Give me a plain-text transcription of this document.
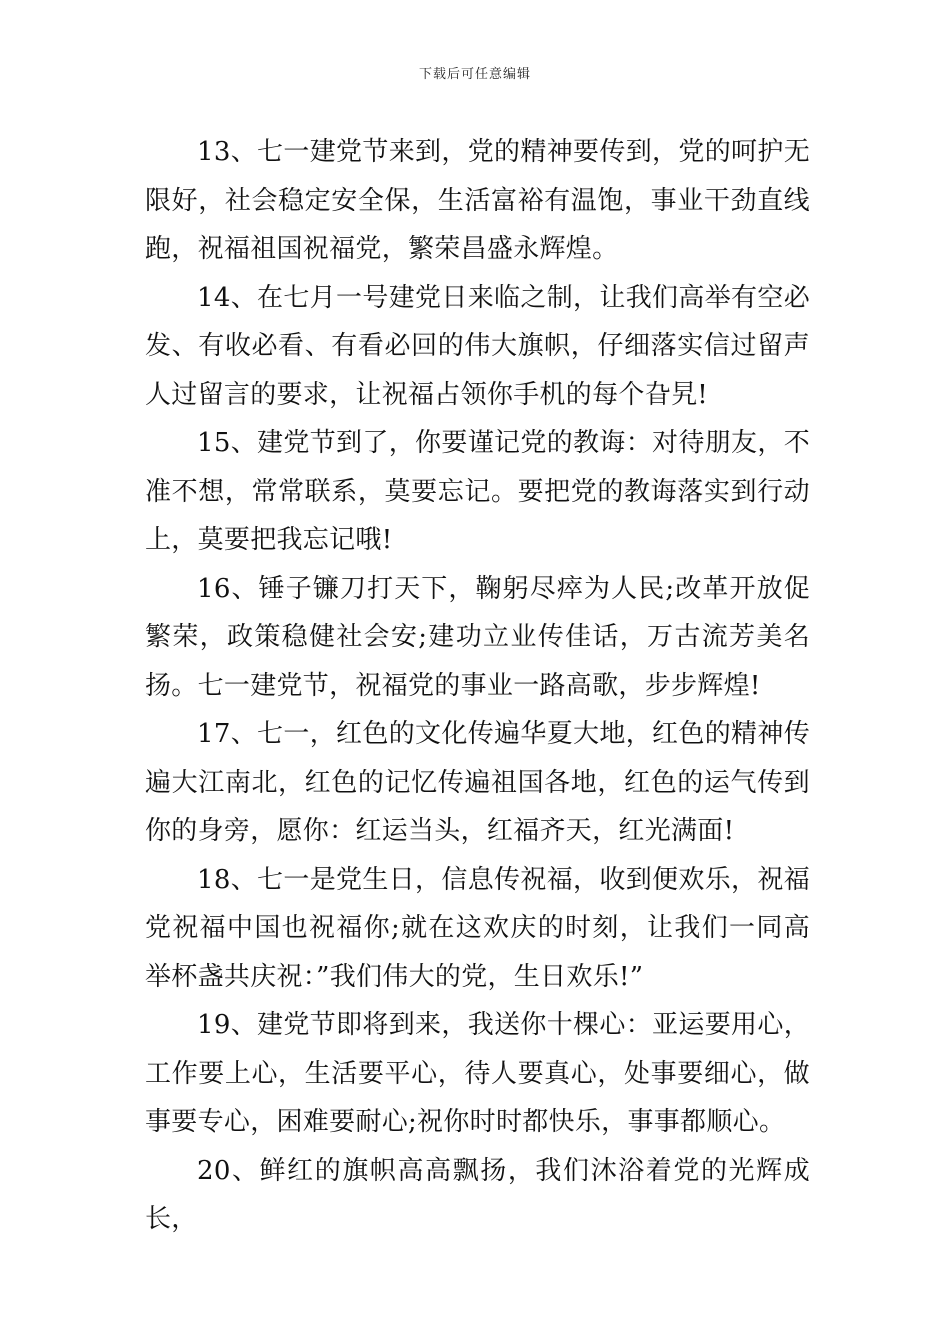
下载后可任意编辑

13、七一建党节来到，党的精神要传到，党的呵护无限好，社会稳定安全保，生活富裕有温饱，事业干劲直线跑，祝福祖国祝福党，繁荣昌盛永辉煌。

14、在七月一号建党日来临之制，让我们高举有空必发、有收必看、有看必回的伟大旗帜，仔细落实信过留声人过留言的要求，让祝福占领你手机的每个旮旯!

15、建党节到了，你要谨记党的教诲：对待朋友，不准不想，常常联系，莫要忘记。要把党的教诲落实到行动上，莫要把我忘记哦!

16、锤子镰刀打天下，鞠躬尽瘁为人民;改革开放促繁荣，政策稳健社会安;建功立业传佳话，万古流芳美名扬。七一建党节，祝福党的事业一路高歌，步步辉煌!

17、七一，红色的文化传遍华夏大地，红色的精神传遍大江南北，红色的记忆传遍祖国各地，红色的运气传到你的身旁，愿你：红运当头，红福齐天，红光满面!

18、七一是党生日，信息传祝福，收到便欢乐，祝福党祝福中国也祝福你;就在这欢庆的时刻，让我们一同高举杯盏共庆祝：”我们伟大的党，生日欢乐!”

19、建党节即将到来，我送你十棵心：亚运要用心，工作要上心，生活要平心，待人要真心，处事要细心，做事要专心，困难要耐心;祝你时时都快乐，事事都顺心。

20、鲜红的旗帜高高飘扬，我们沐浴着党的光辉成长，
